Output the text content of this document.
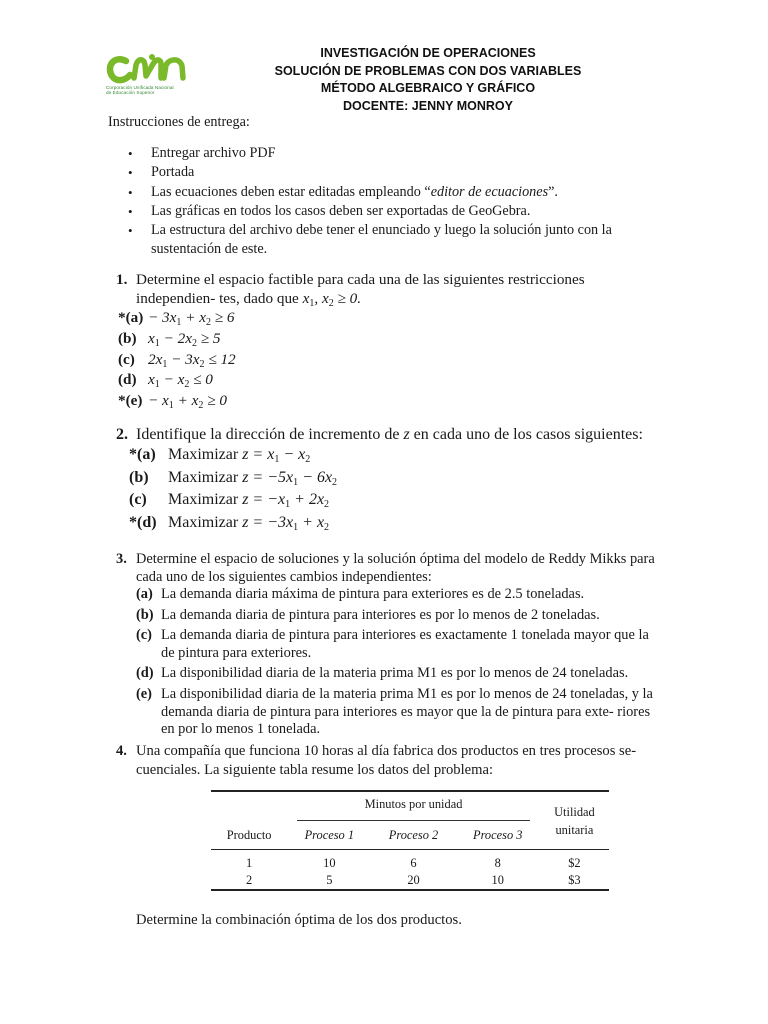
Corporación Unificada Nacional
de Educación Superior
INVESTIGACIÓN DE OPERACIONES
SOLUCIÓN DE PROBLEMAS CON DOS VARIABLES
MÉTODO ALGEBRAICO Y GRÁFICO
DOCENTE: JENNY MONROY

Instrucciones de entrega:

• Entregar archivo PDF
• Portada
• Las ecuaciones deben estar editadas empleando “editor de ecuaciones”.
• Las gráficas en todos los casos deben ser exportadas de GeoGebra.
• La estructura del archivo debe tener el enunciado y luego la solución junto con la sustentación de este.

1. Determine el espacio factible para cada una de las siguientes restricciones independien- tes, dado que $x_1$, $x_2 \ge 0$.

$*(a) - 3x_1 + x_2 \ge 6$
(b) $x_1 - 2x_2 \ge 5$
(c) $2x_1 - 3x_2 \le 12$
(d) $x_1 - x_2 \le 0$
$*(e) - x_1 + x_2 \ge 0$

2. Identifique la dirección de incremento de z en cada uno de los casos siguientes:

*(a) Maximizar $z = x_1 - x_2$
(b) Maximizar $z = -5x_1 - 6x_2$
(c) Maximizar $z = -x_1 + 2x_2$
*(d) Maximizar $z = -3x_1 + x_2$

3. Determine el espacio de soluciones y la solución óptima del modelo de Reddy Mikks para cada uno de los siguientes cambios independientes:

(a) La demanda diaria máxima de pintura para exteriores es de 2.5 toneladas.
(b) La demanda diaria de pintura para interiores es por lo menos de 2 toneladas.
(c) La demanda diaria de pintura para interiores es exactamente 1 tonelada mayor que la de pintura para exteriores.
(d) La disponibilidad diaria de la materia prima M1 es por lo menos de 24 toneladas.
(e) La disponibilidad diaria de la materia prima M1 es por lo menos de 24 toneladas, y la demanda diaria de pintura para interiores es mayor que la de pintura para exte- riores en por lo menos 1 tonelada.

4. Una compañía que funciona 10 horas al día fabrica dos productos en tres procesos se- cuenciales. La siguiente tabla resume los datos del problema:

	Minutos por unidad			Utilidad
unitaria

Producto	Proceso 1	Proceso 2	Proceso 3	
1	10	6	8	$2
2	5	20	10	$3
Determine la combinación óptima de los dos productos.
